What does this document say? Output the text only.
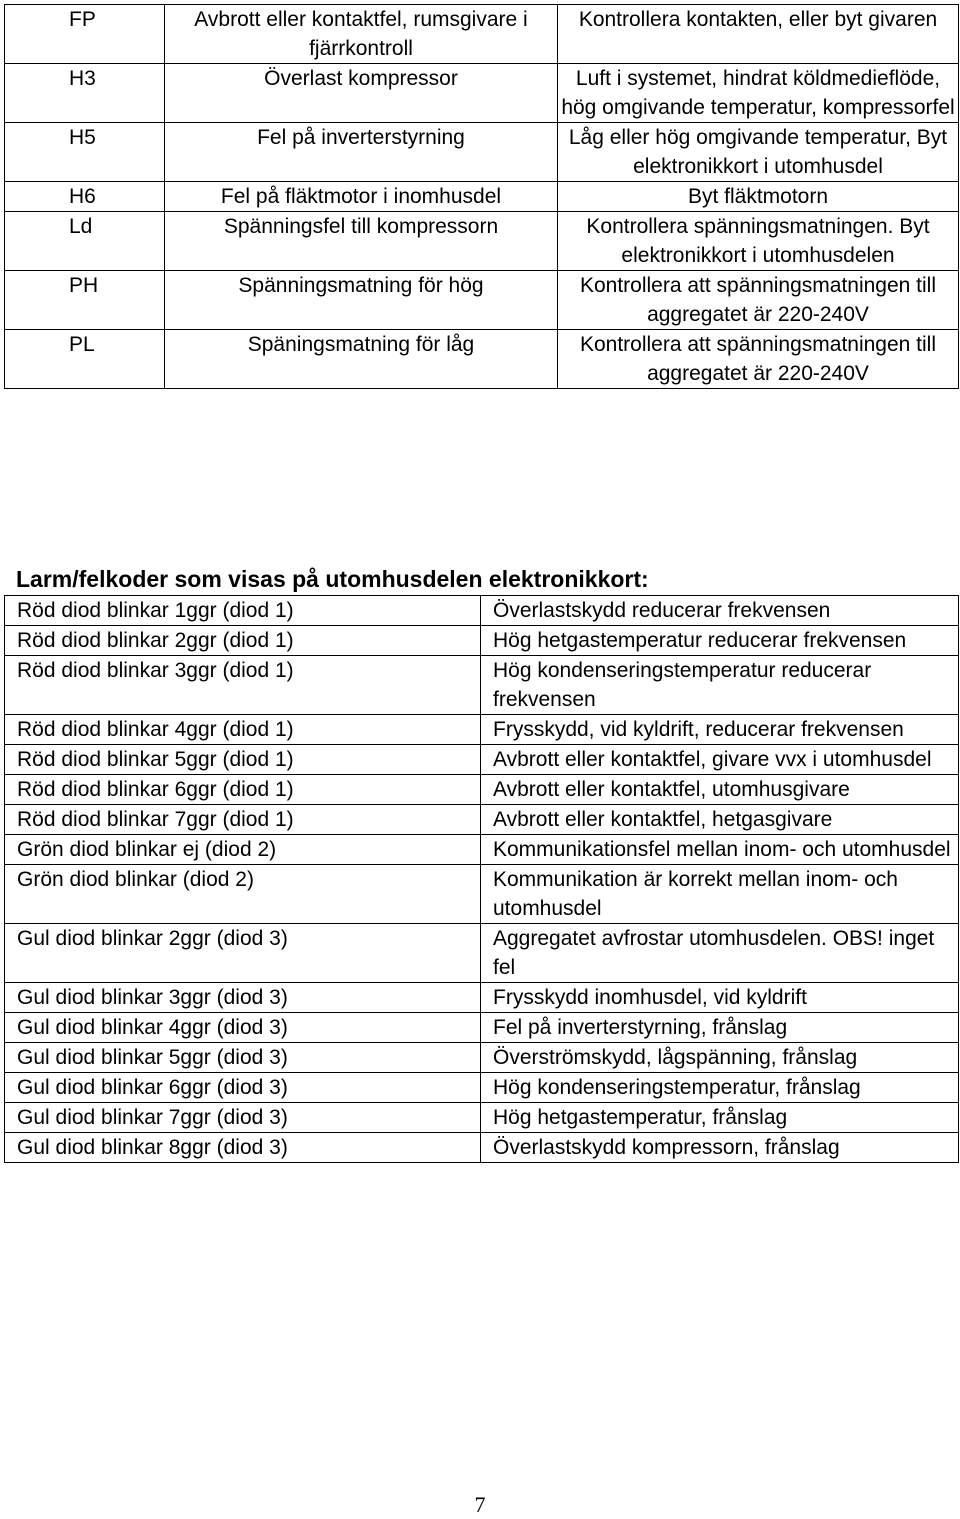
FP	Avbrott eller kontaktfel, rumsgivare i fjärrkontroll	Kontrollera kontakten, eller byt givaren
H3	Överlast kompressor	Luft i systemet, hindrat köldmedieflöde, hög omgivande temperatur, kompressorfel
H5	Fel på inverterstyrning	Låg eller hög omgivande temperatur, Byt elektronikkort i utomhusdel
H6	Fel på fläktmotor i inomhusdel	Byt fläktmotorn
Ld	Spänningsfel till kompressorn	Kontrollera spänningsmatningen. Byt elektronikkort i utomhusdelen
PH	Spänningsmatning för hög	Kontrollera att spänningsmatningen till aggregatet är 220-240V
PL	Späningsmatning för låg	Kontrollera att spänningsmatningen till aggregatet är 220-240V
Larm/felkoder som visas på utomhusdelen elektronikkort:
Röd diod blinkar 1ggr (diod 1)	Överlastskydd reducerar frekvensen
Röd diod blinkar 2ggr (diod 1)	Hög hetgastemperatur reducerar frekvensen
Röd diod blinkar 3ggr (diod 1)	Hög kondenseringstemperatur reducerar frekvensen
Röd diod blinkar 4ggr (diod 1)	Frysskydd, vid kyldrift, reducerar frekvensen
Röd diod blinkar 5ggr (diod 1)	Avbrott eller kontaktfel, givare vvx i utomhusdel
Röd diod blinkar 6ggr (diod 1)	Avbrott eller kontaktfel, utomhusgivare
Röd diod blinkar 7ggr (diod 1)	Avbrott eller kontaktfel, hetgasgivare
Grön diod blinkar ej (diod 2)	Kommunikationsfel mellan inom- och utomhusdel
Grön diod blinkar (diod 2)	Kommunikation är korrekt mellan inom- och utomhusdel
Gul diod blinkar 2ggr (diod 3)	Aggregatet avfrostar utomhusdelen. OBS! inget fel
Gul diod blinkar 3ggr (diod 3)	Frysskydd inomhusdel, vid kyldrift
Gul diod blinkar 4ggr (diod 3)	Fel på inverterstyrning, frånslag
Gul diod blinkar 5ggr (diod 3)	Överströmskydd, lågspänning, frånslag
Gul diod blinkar 6ggr (diod 3)	Hög kondenseringstemperatur, frånslag
Gul diod blinkar 7ggr (diod 3)	Hög hetgastemperatur, frånslag
Gul diod blinkar 8ggr (diod 3)	Överlastskydd kompressorn, frånslag
7
